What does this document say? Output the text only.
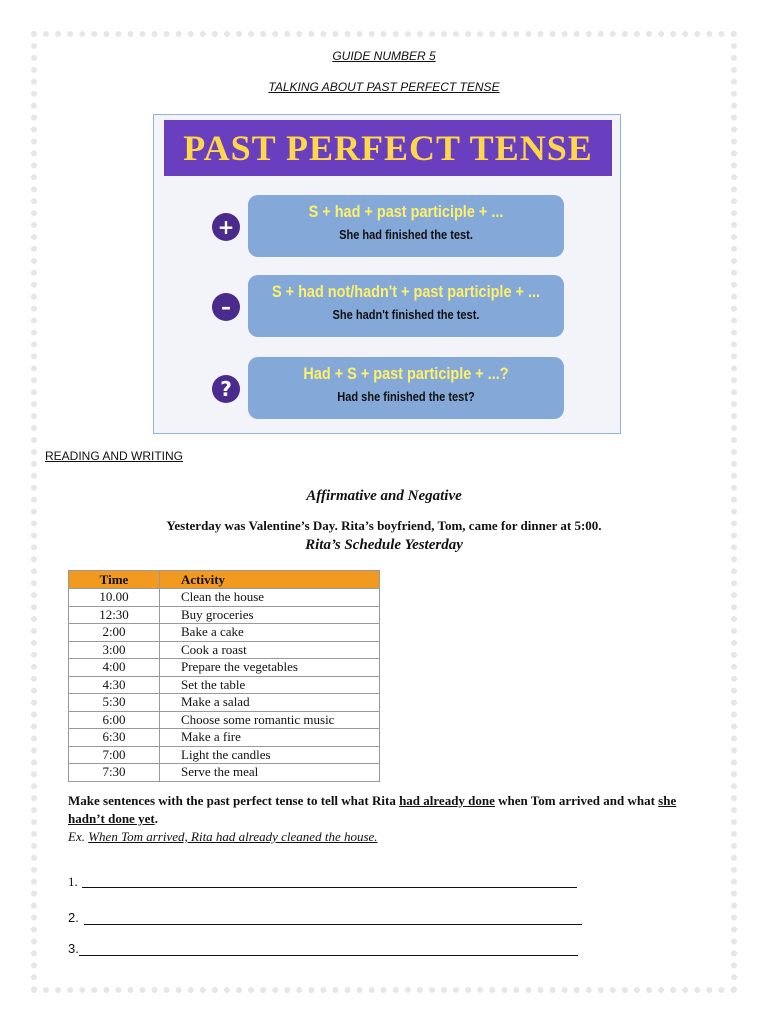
GUIDE NUMBER 5
TALKING ABOUT PAST PERFECT TENSE
PAST PERFECT TENSE
+
S + had + past participle + ...
She had finished the test.
–
S + had not/hadn't + past participle + ...
She hadn't finished the test.
?
Had + S + past participle + ...?
Had she finished the test?
READING AND WRITING
Affirmative and Negative
Yesterday was Valentine’s Day. Rita’s boyfriend, Tom, came for dinner at 5:00.
Rita’s Schedule Yesterday
Time	Activity
10.00	Clean the house
12:30	Buy groceries
2:00	Bake a cake
3:00	Cook a roast
4:00	Prepare the vegetables
4:30	Set the table
5:30	Make a salad
6:00	Choose some romantic music
6:30	Make a fire
7:00	Light the candles
7:30	Serve the meal
Make sentences with the past perfect tense to tell what Rita had already done when Tom arrived and what she hadn’t done yet.
Ex. When Tom arrived, Rita had already cleaned the house.
1.
2.
3.
